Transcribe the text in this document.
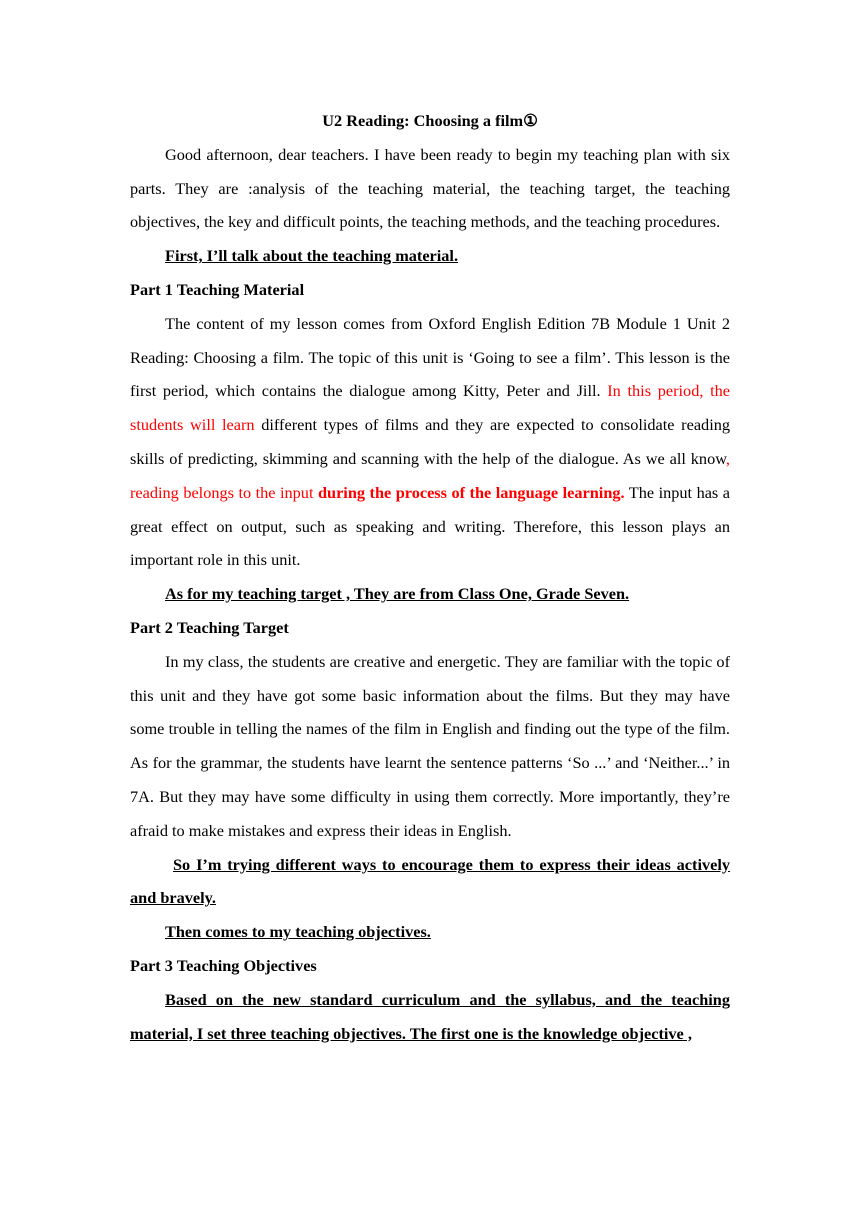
U2 Reading: Choosing a film①

Good afternoon, dear teachers. I have been ready to begin my teaching plan with six parts. They are :analysis of the teaching material, the teaching target, the teaching objectives, the key and difficult points, the teaching methods, and the teaching procedures.

First, I’ll talk about the teaching material.

Part 1 Teaching Material

The content of my lesson comes from Oxford English Edition 7B Module 1 Unit 2 Reading: Choosing a film. The topic of this unit is ‘Going to see a film’. This lesson is the first period, which contains the dialogue among Kitty, Peter and Jill. In this period, the students will learn different types of films and they are expected to consolidate reading skills of predicting, skimming and scanning with the help of the dialogue. As we all know, reading belongs to the input during the process of the language learning. The input has a great effect on output, such as speaking and writing. Therefore, this lesson plays an important role in this unit.

As for my teaching target , They are from Class One, Grade Seven.

Part 2 Teaching Target

In my class, the students are creative and energetic. They are familiar with the topic of this unit and they have got some basic information about the films. But they may have some trouble in telling the names of the film in English and finding out the type of the film. As for the grammar, the students have learnt the sentence patterns ‘So ...’ and ‘Neither...’ in 7A. But they may have some difficulty in using them correctly. More importantly, they’re afraid to make mistakes and express their ideas in English.

So I’m trying different ways to encourage them to express their ideas actively and bravely.

Then comes to my teaching objectives.

Part 3 Teaching Objectives

Based on the new standard curriculum and the syllabus, and the teaching material, I set three teaching objectives. The first one is the knowledge objective ,
